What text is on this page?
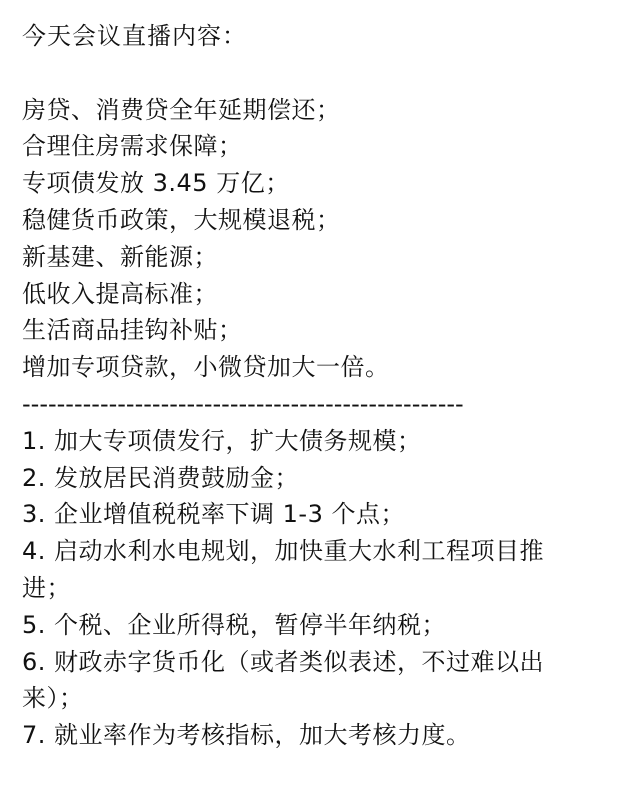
今天会议直播内容：
房贷、消费贷全年延期偿还；
合理住房需求保障；
专项债发放 3.45 万亿；
稳健货币政策，大规模退税；
新基建、新能源；
低收入提高标准；
生活商品挂钩补贴；
增加专项贷款，小微贷加大一倍。
---------------------------------------------------
1. 加大专项债发行，扩大债务规模；
2. 发放居民消费鼓励金；
3. 企业增值税税率下调 1-3 个点；
4. 启动水利水电规划，加快重大水利工程项目推
进；
5. 个税、企业所得税，暂停半年纳税；
6. 财政赤字货币化（或者类似表述，不过难以出
来）；
7. 就业率作为考核指标，加大考核力度。
